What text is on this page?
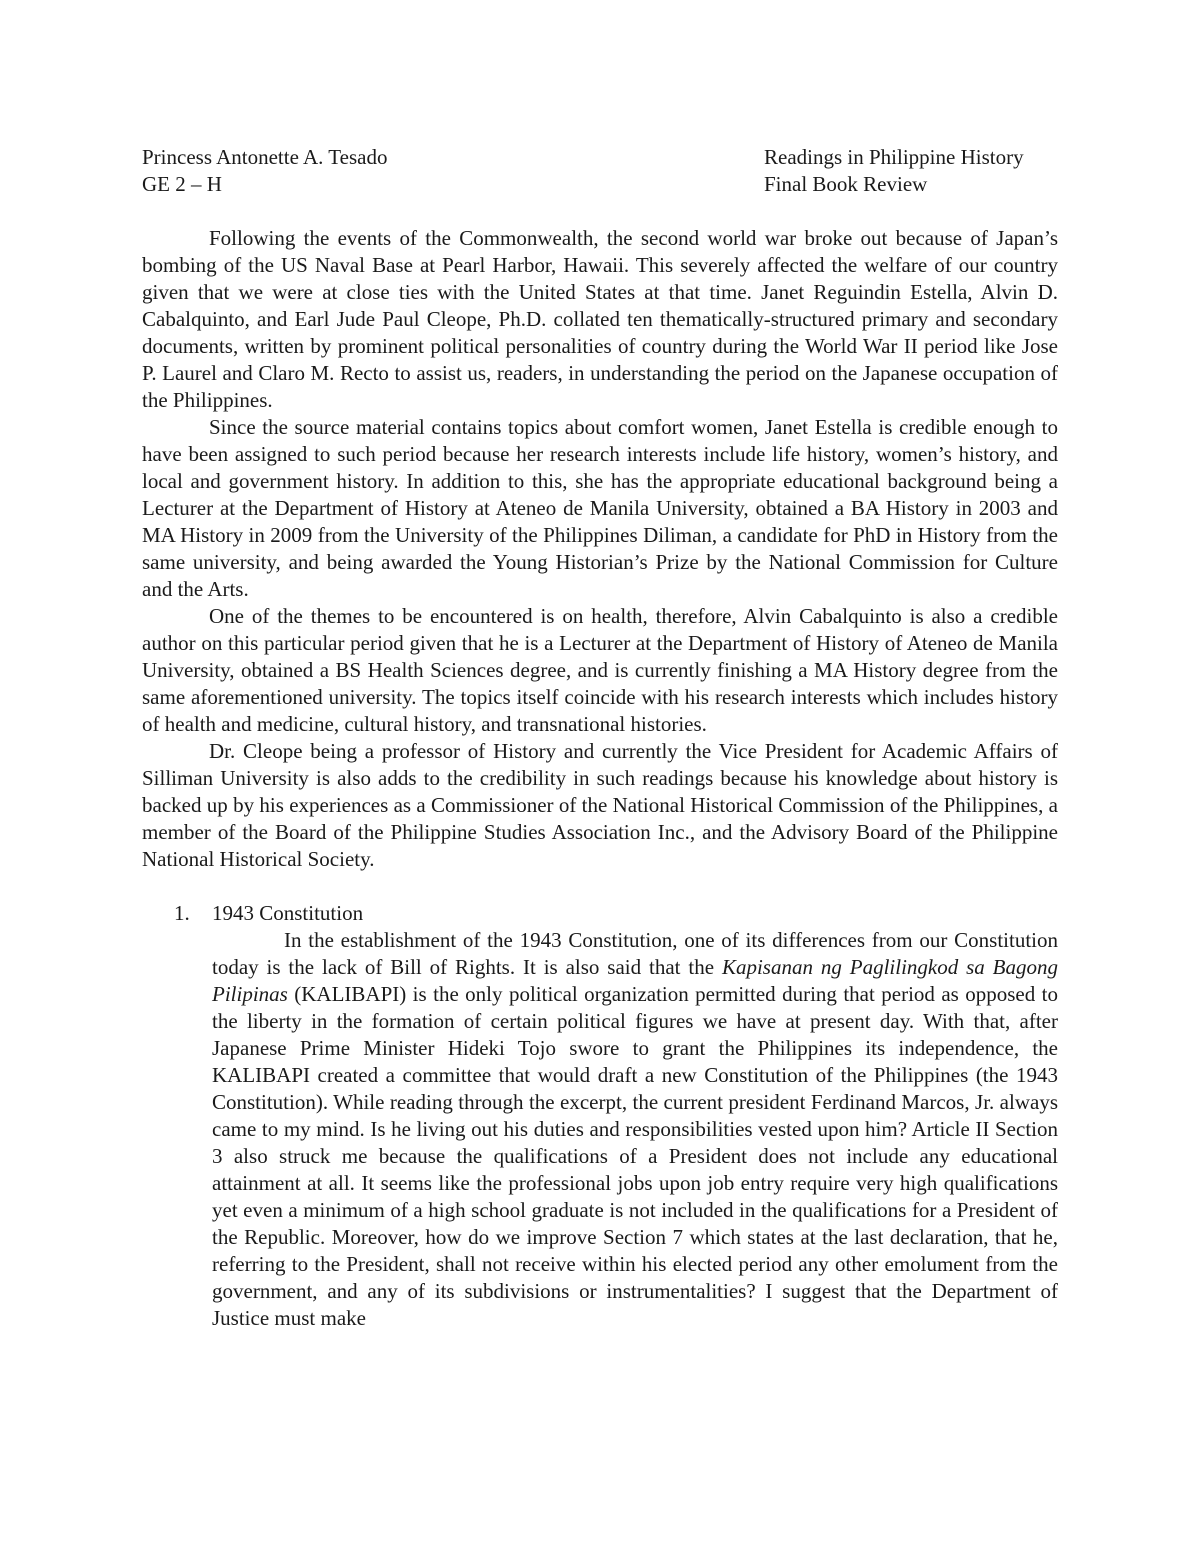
Princess Antonette A. Tesado	Readings in Philippine History
GE 2 – H	Final Book Review

Following the events of the Commonwealth, the second world war broke out because of Japan’s bombing of the US Naval Base at Pearl Harbor, Hawaii. This severely affected the welfare of our country given that we were at close ties with the United States at that time. Janet Reguindin Estella, Alvin D. Cabalquinto, and Earl Jude Paul Cleope, Ph.D. collated ten thematically-structured primary and secondary documents, written by prominent political personalities of country during the World War II period like Jose P. Laurel and Claro M. Recto to assist us, readers, in understanding the period on the Japanese occupation of the Philippines.

Since the source material contains topics about comfort women, Janet Estella is credible enough to have been assigned to such period because her research interests include life history, women’s history, and local and government history. In addition to this, she has the appropriate educational background being a Lecturer at the Department of History at Ateneo de Manila University, obtained a BA History in 2003 and MA History in 2009 from the University of the Philippines Diliman, a candidate for PhD in History from the same university, and being awarded the Young Historian’s Prize by the National Commission for Culture and the Arts.

One of the themes to be encountered is on health, therefore, Alvin Cabalquinto is also a credible author on this particular period given that he is a Lecturer at the Department of History of Ateneo de Manila University, obtained a BS Health Sciences degree, and is currently finishing a MA History degree from the same aforementioned university. The topics itself coincide with his research interests which includes history of health and medicine, cultural history, and transnational histories.

Dr. Cleope being a professor of History and currently the Vice President for Academic Affairs of Silliman University is also adds to the credibility in such readings because his knowledge about history is backed up by his experiences as a Commissioner of the National Historical Commission of the Philippines, a member of the Board of the Philippine Studies Association Inc., and the Advisory Board of the Philippine National Historical Society.

1.	1943 Constitution

In the establishment of the 1943 Constitution, one of its differences from our Constitution today is the lack of Bill of Rights. It is also said that the Kapisanan ng Paglilingkod sa Bagong Pilipinas (KALIBAPI) is the only political organization permitted during that period as opposed to the liberty in the formation of certain political figures we have at present day. With that, after Japanese Prime Minister Hideki Tojo swore to grant the Philippines its independence, the KALIBAPI created a committee that would draft a new Constitution of the Philippines (the 1943 Constitution). While reading through the excerpt, the current president Ferdinand Marcos, Jr. always came to my mind. Is he living out his duties and responsibilities vested upon him? Article II Section 3 also struck me because the qualifications of a President does not include any educational attainment at all. It seems like the professional jobs upon job entry require very high qualifications yet even a minimum of a high school graduate is not included in the qualifications for a President of the Republic. Moreover, how do we improve Section 7 which states at the last declaration, that he, referring to the President, shall not receive within his elected period any other emolument from the government, and any of its subdivisions or instrumentalities? I suggest that the Department of Justice must make
